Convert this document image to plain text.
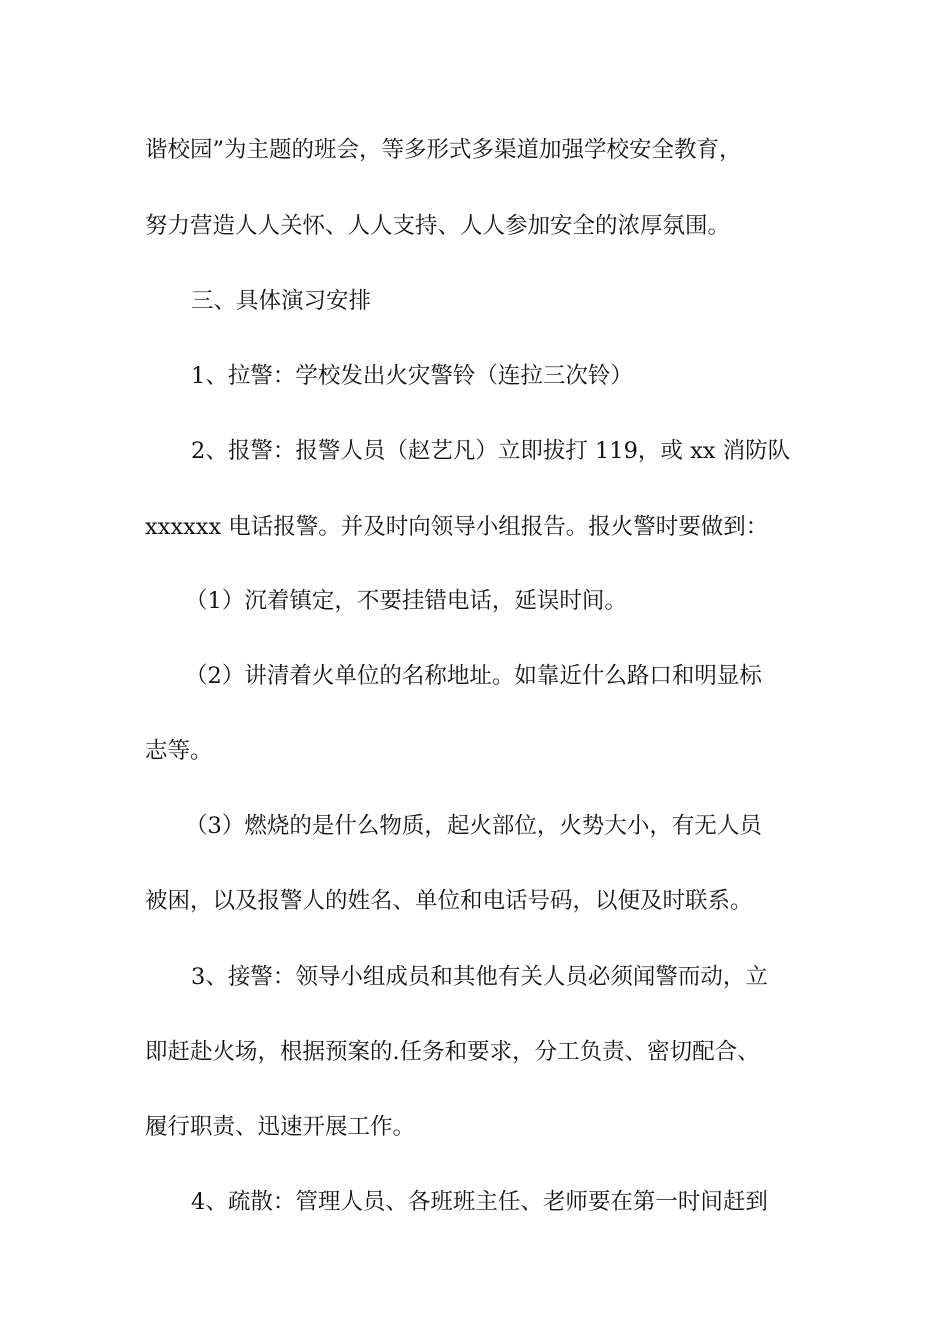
谐校园”为主题的班会，等多形式多渠道加强学校安全教育，
努力营造人人关怀、人人支持、人人参加安全的浓厚氛围。
三、具体演习安排
1、拉警：学校发出火灾警铃（连拉三次铃）
2、报警：报警人员（赵艺凡）立即拔打 119，或 xx 消防队
xxxxxx 电话报警。并及时向领导小组报告。报火警时要做到：
（1）沉着镇定，不要挂错电话，延误时间。
（2）讲清着火单位的名称地址。如靠近什么路口和明显标
志等。
（3）燃烧的是什么物质，起火部位，火势大小，有无人员
被困，以及报警人的姓名、单位和电话号码，以便及时联系。
3、接警：领导小组成员和其他有关人员必须闻警而动，立
即赶赴火场，根据预案的.任务和要求，分工负责、密切配合、
履行职责、迅速开展工作。
4、疏散：管理人员、各班班主任、老师要在第一时间赶到
